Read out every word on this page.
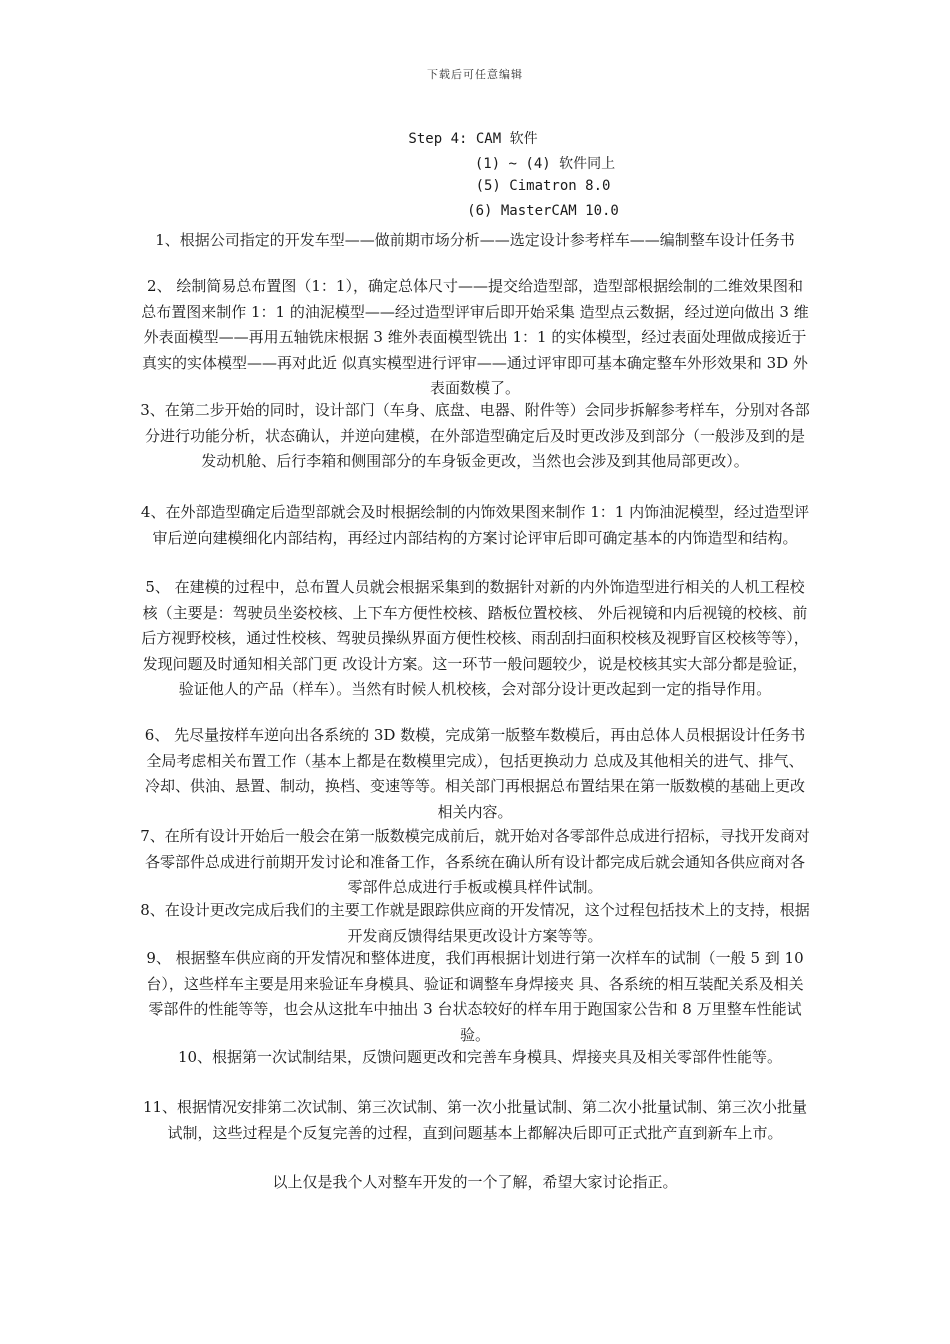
下载后可任意编辑
Step 4: CAM 软件
(1) ~ (4) 软件同上
(5) Cimatron 8.0
(6) MasterCAM 10.0
1、根据公司指定的开发车型——做前期市场分析——选定设计参考样车——编制整车设计任务书
2、 绘制简易总布置图（1：1），确定总体尺寸——提交给造型部，造型部根据绘制的二维效果图和总布置图来制作 1：1 的油泥模型——经过造型评审后即开始采集 造型点云数据，经过逆向做出 3 维外表面模型——再用五轴铣床根据 3 维外表面模型铣出 1：1 的实体模型，经过表面处理做成接近于真实的实体模型——再对此近 似真实模型进行评审——通过评审即可基本确定整车外形效果和 3D 外表面数模了。
3、在第二步开始的同时，设计部门（车身、底盘、电器、附件等）会同步拆解参考样车，分别对各部分进行功能分析，状态确认，并逆向建模，在外部造型确定后及时更改涉及到部分（一般涉及到的是发动机舱、后行李箱和侧围部分的车身钣金更改，当然也会涉及到其他局部更改）。
4、在外部造型确定后造型部就会及时根据绘制的内饰效果图来制作 1：1 内饰油泥模型，经过造型评审后逆向建模细化内部结构，再经过内部结构的方案讨论评审后即可确定基本的内饰造型和结构。
5、 在建模的过程中，总布置人员就会根据采集到的数据针对新的内外饰造型进行相关的人机工程校核（主要是：驾驶员坐姿校核、上下车方便性校核、踏板位置校核、 外后视镜和内后视镜的校核、前后方视野校核，通过性校核、驾驶员操纵界面方便性校核、雨刮刮扫面积校核及视野盲区校核等等），发现问题及时通知相关部门更 改设计方案。这一环节一般问题较少，说是校核其实大部分都是验证，验证他人的产品（样车）。当然有时候人机校核，会对部分设计更改起到一定的指导作用。
6、 先尽量按样车逆向出各系统的 3D 数模，完成第一版整车数模后，再由总体人员根据设计任务书全局考虑相关布置工作（基本上都是在数模里完成），包括更换动力 总成及其他相关的进气、排气、冷却、供油、悬置、制动，换档、变速等等。相关部门再根据总布置结果在第一版数模的基础上更改相关内容。
7、在所有设计开始后一般会在第一版数模完成前后，就开始对各零部件总成进行招标，寻找开发商对各零部件总成进行前期开发讨论和准备工作，各系统在确认所有设计都完成后就会通知各供应商对各零部件总成进行手板或模具样件试制。
8、在设计更改完成后我们的主要工作就是跟踪供应商的开发情况，这个过程包括技术上的支持，根据开发商反馈得结果更改设计方案等等。
9、 根据整车供应商的开发情况和整体进度，我们再根据计划进行第一次样车的试制（一般 5 到 10 台），这些样车主要是用来验证车身模具、验证和调整车身焊接夹 具、各系统的相互装配关系及相关零部件的性能等等，也会从这批车中抽出 3 台状态较好的样车用于跑国家公告和 8 万里整车性能试验。
10、根据第一次试制结果，反馈问题更改和完善车身模具、焊接夹具及相关零部件性能等。
11、根据情况安排第二次试制、第三次试制、第一次小批量试制、第二次小批量试制、第三次小批量试制，这些过程是个反复完善的过程，直到问题基本上都解决后即可正式批产直到新车上市。
以上仅是我个人对整车开发的一个了解，希望大家讨论指正。
